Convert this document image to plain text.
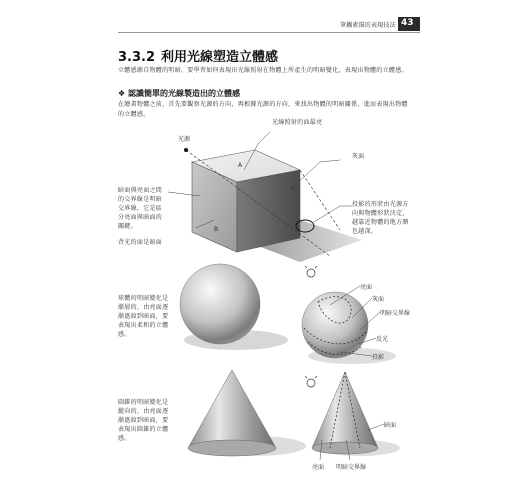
筆觸素描的表現技法 43
3.3.2 利用光線塑造立體感
立體感源自物體的明暗，要學習如何表現出光線照射在物體上所產生的明暗變化，表現出物體的立體感。
❖ 認識簡單的光線製造出的立體感
在繪畫物體之前，首先要觀察光源的方向，再根據光源的方向，來找出物體的明暗關係，進而表現出物體的立體感。
光源
A
B
C
光線照射的面最亮
暗面與亮面之間的交界線是明暗交界線，它是區分亮面與暗面的關鍵。
背光的面是暗面
灰面
投影的形狀由光源方向與物體形狀決定，越靠近物體的地方顏色越深。
球體的明暗變化是漸層的，由亮面逐漸過渡到暗面，要表現出柔和的立體感。
亮面
灰面
明暗交界線
反光
投影
圓錐的明暗變化是縱向的，由亮面逐漸過渡到暗面，要表現出圓錐的立體感。
亮面 明暗交界線
暗面
